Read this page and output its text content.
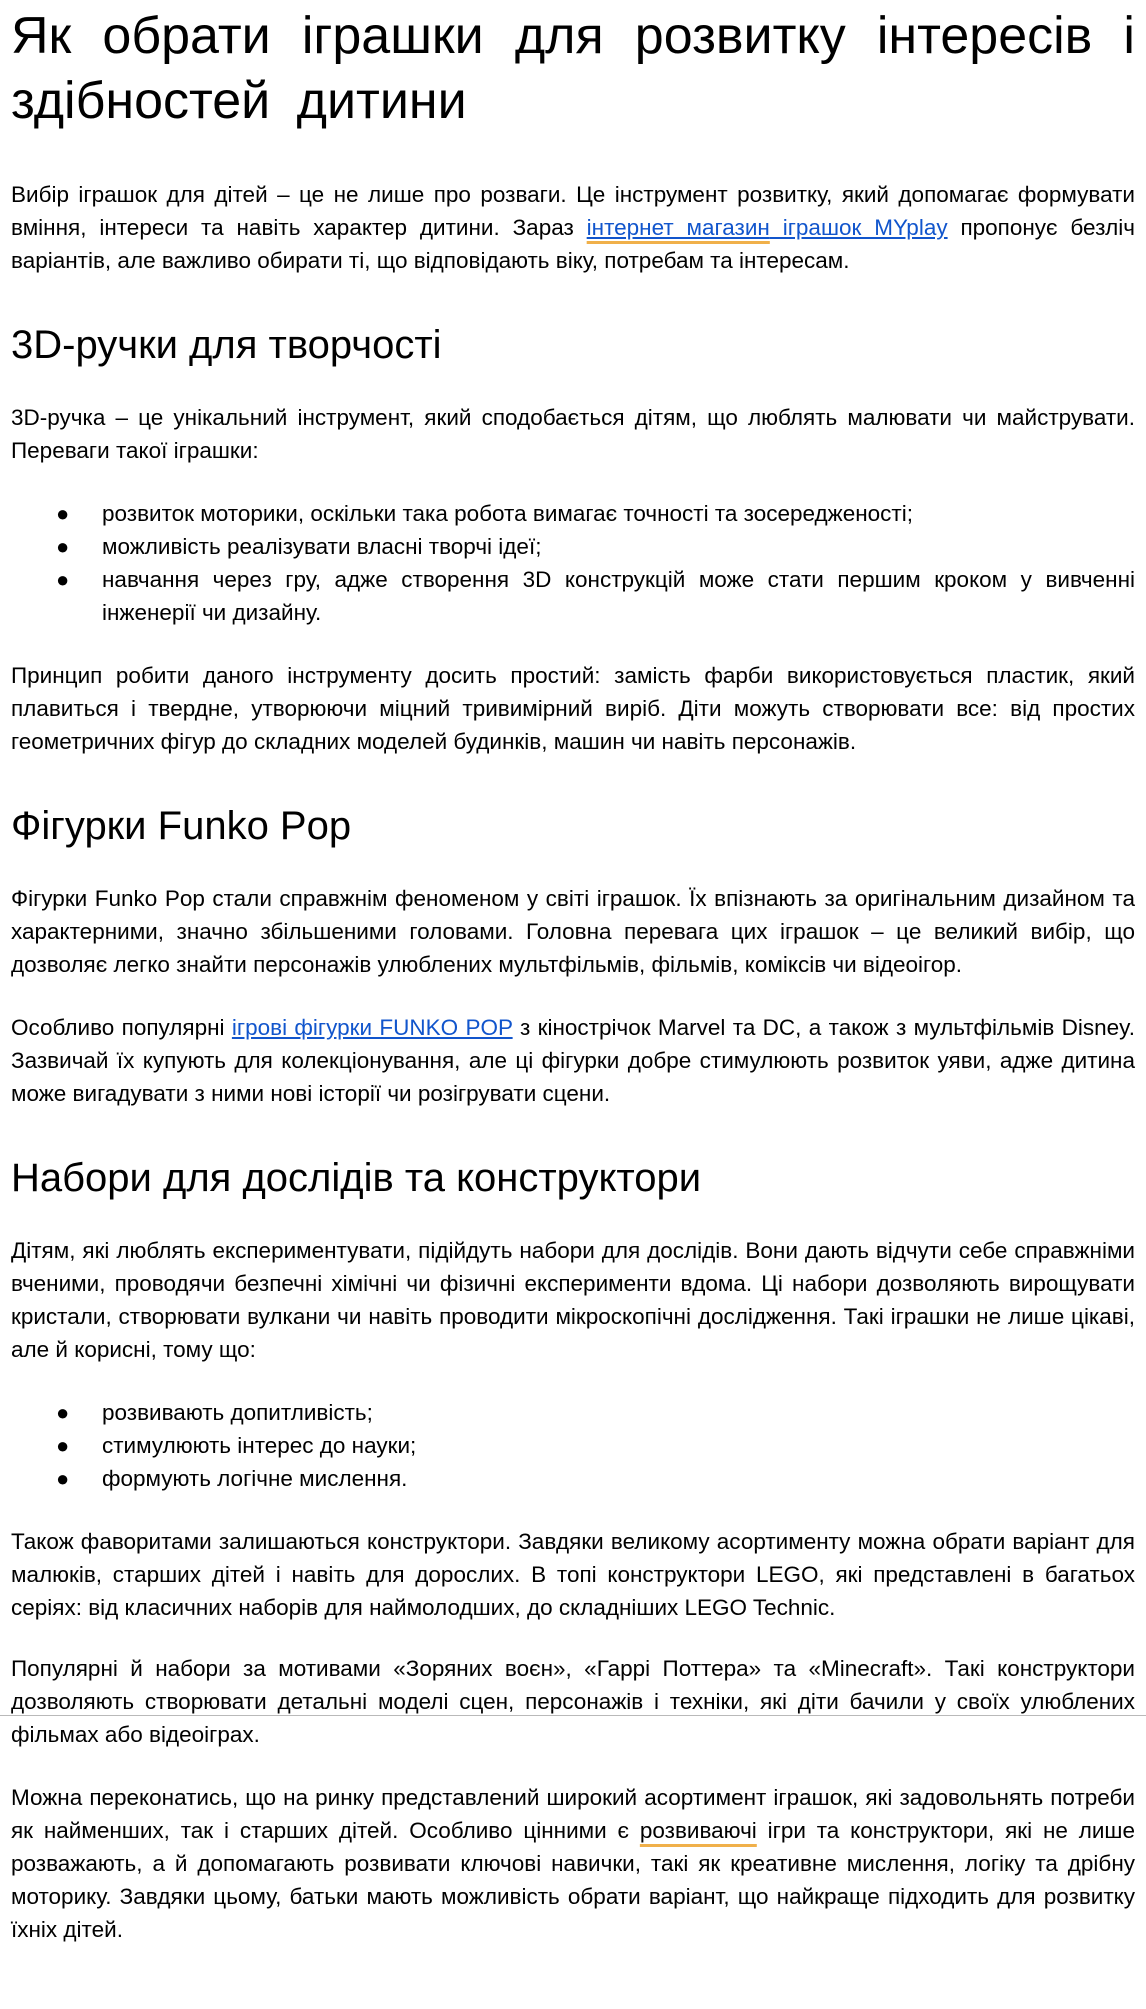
Як обрати іграшки для розвитку інтересів і здібностей дитини

Вибір іграшок для дітей – це не лише про розваги. Це інструмент розвитку, який допомагає формувати вміння, інтереси та навіть характер дитини. Зараз інтернет магазин іграшок MYplay пропонує безліч варіантів, але важливо обирати ті, що відповідають віку, потребам та інтересам.

3D-ручки для творчості

3D-ручка – це унікальний інструмент, який сподобається дітям, що люблять малювати чи майструвати. Переваги такої іграшки:

● розвиток моторики, оскільки така робота вимагає точності та зосередженості;
● можливість реалізувати власні творчі ідеї;
● навчання через гру, адже створення 3D конструкцій може стати першим кроком у вивченні інженерії чи дизайну.

Принцип робити даного інструменту досить простий: замість фарби використовується пластик, який плавиться і твердне, утворюючи міцний тривимірний виріб. Діти можуть створювати все: від простих геометричних фігур до складних моделей будинків, машин чи навіть персонажів.

Фігурки Funko Pop

Фігурки Funko Pop стали справжнім феноменом у світі іграшок. Їх впізнають за оригінальним дизайном та характерними, значно збільшеними головами. Головна перевага цих іграшок – це великий вибір, що дозволяє легко знайти персонажів улюблених мультфільмів, фільмів, коміксів чи відеоігор.

Особливо популярні ігрові фігурки FUNKO POP з кінострічок Marvel та DC, а також з мультфільмів Disney. Зазвичай їх купують для колекціонування, але ці фігурки добре стимулюють розвиток уяви, адже дитина може вигадувати з ними нові історії чи розігрувати сцени.

Набори для дослідів та конструктори

Дітям, які люблять експериментувати, підійдуть набори для дослідів. Вони дають відчути себе справжніми вченими, проводячи безпечні хімічні чи фізичні експерименти вдома. Ці набори дозволяють вирощувати кристали, створювати вулкани чи навіть проводити мікроскопічні дослідження. Такі іграшки не лише цікаві, але й корисні, тому що:

● розвивають допитливість;
● стимулюють інтерес до науки;
● формують логічне мислення.

Також фаворитами залишаються конструктори. Завдяки великому асортименту можна обрати варіант для малюків, старших дітей і навіть для дорослих. В топі конструктори LEGO, які представлені в багатьох серіях: від класичних наборів для наймолодших, до складніших LEGO Technic.

Популярні й набори за мотивами «Зоряних воєн», «Гаррі Поттера» та «Minecraft». Такі конструктори дозволяють створювати детальні моделі сцен, персонажів і техніки, які діти бачили у своїх улюблених фільмах або відеоіграх.

Можна переконатись, що на ринку представлений широкий асортимент іграшок, які задовольнять потреби як найменших, так і старших дітей. Особливо цінними є розвиваючі ігри та конструктори, які не лише розважають, а й допомагають розвивати ключові навички, такі як креативне мислення, логіку та дрібну моторику. Завдяки цьому, батьки мають можливість обрати варіант, що найкраще підходить для розвитку їхніх дітей.
